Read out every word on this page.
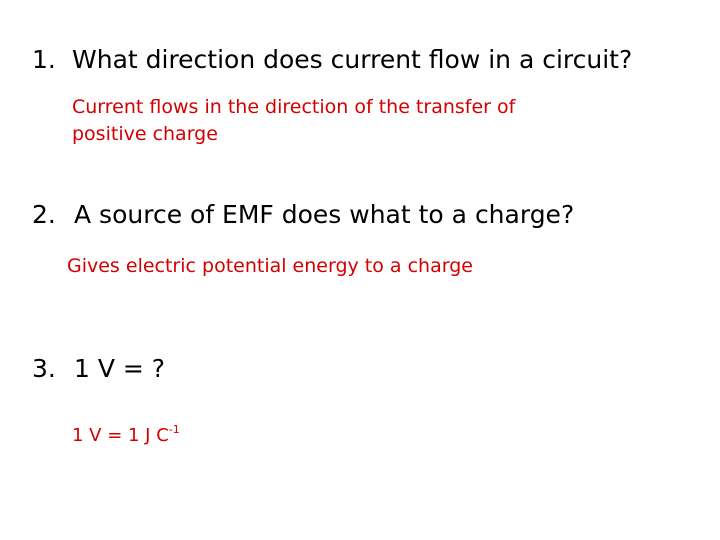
1. What direction does current flow in a circuit?
Current flows in the direction of the transfer of positive charge
2. A source of EMF does what to a charge?
Gives electric potential energy to a charge
3. 1 V = ?
1 V = 1 J $C^{-1}$
